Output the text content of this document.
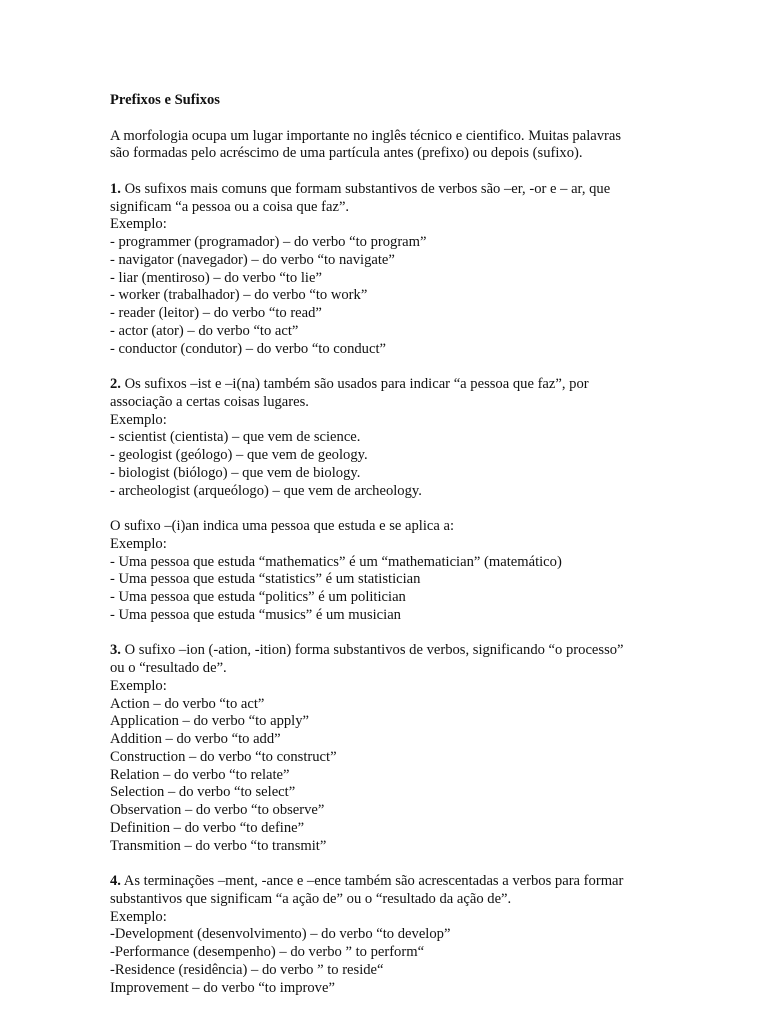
Prefixos e Sufixos

A morfologia ocupa um lugar importante no inglês técnico e cientifico. Muitas palavras
são formadas pelo acréscimo de uma partícula antes (prefixo) ou depois (sufixo).

1. Os sufixos mais comuns que formam substantivos de verbos são –er, -or e – ar, que
significam “a pessoa ou a coisa que faz”.
Exemplo:
- programmer (programador) – do verbo “to program”
- navigator (navegador) – do verbo “to navigate”
- liar (mentiroso) – do verbo “to lie”
- worker (trabalhador) – do verbo “to work”
- reader (leitor) – do verbo “to read”
- actor (ator) – do verbo “to act”
- conductor (condutor) – do verbo “to conduct”

2. Os sufixos –ist e –i(na) também são usados para indicar “a pessoa que faz”, por
associação a certas coisas lugares.
Exemplo:
- scientist (cientista) – que vem de science.
- geologist (geólogo) – que vem de geology.
- biologist (biólogo) – que vem de biology.
- archeologist (arqueólogo) – que vem de archeology.

O sufixo –(i)an indica uma pessoa que estuda e se aplica a:
Exemplo:
- Uma pessoa que estuda “mathematics” é um “mathematician” (matemático)
- Uma pessoa que estuda “statistics” é um statistician
- Uma pessoa que estuda “politics” é um politician
- Uma pessoa que estuda “musics” é um musician

3. O sufixo –ion (-ation, -ition) forma substantivos de verbos, significando “o processo”
ou o “resultado de”.
Exemplo:
Action – do verbo “to act”
Application – do verbo “to apply”
Addition – do verbo “to add”
Construction – do verbo “to construct”
Relation – do verbo “to relate”
Selection – do verbo “to select”
Observation – do verbo “to observe”
Definition – do verbo “to define”
Transmition – do verbo “to transmit”

4. As terminações –ment, -ance e –ence também são acrescentadas a verbos para formar
substantivos que significam “a ação de” ou o “resultado da ação de”.
Exemplo:
-Development (desenvolvimento) – do verbo “to develop”
-Performance (desempenho) – do verbo ” to perform“
-Residence (residência) – do verbo ” to reside“
Improvement – do verbo “to improve”
